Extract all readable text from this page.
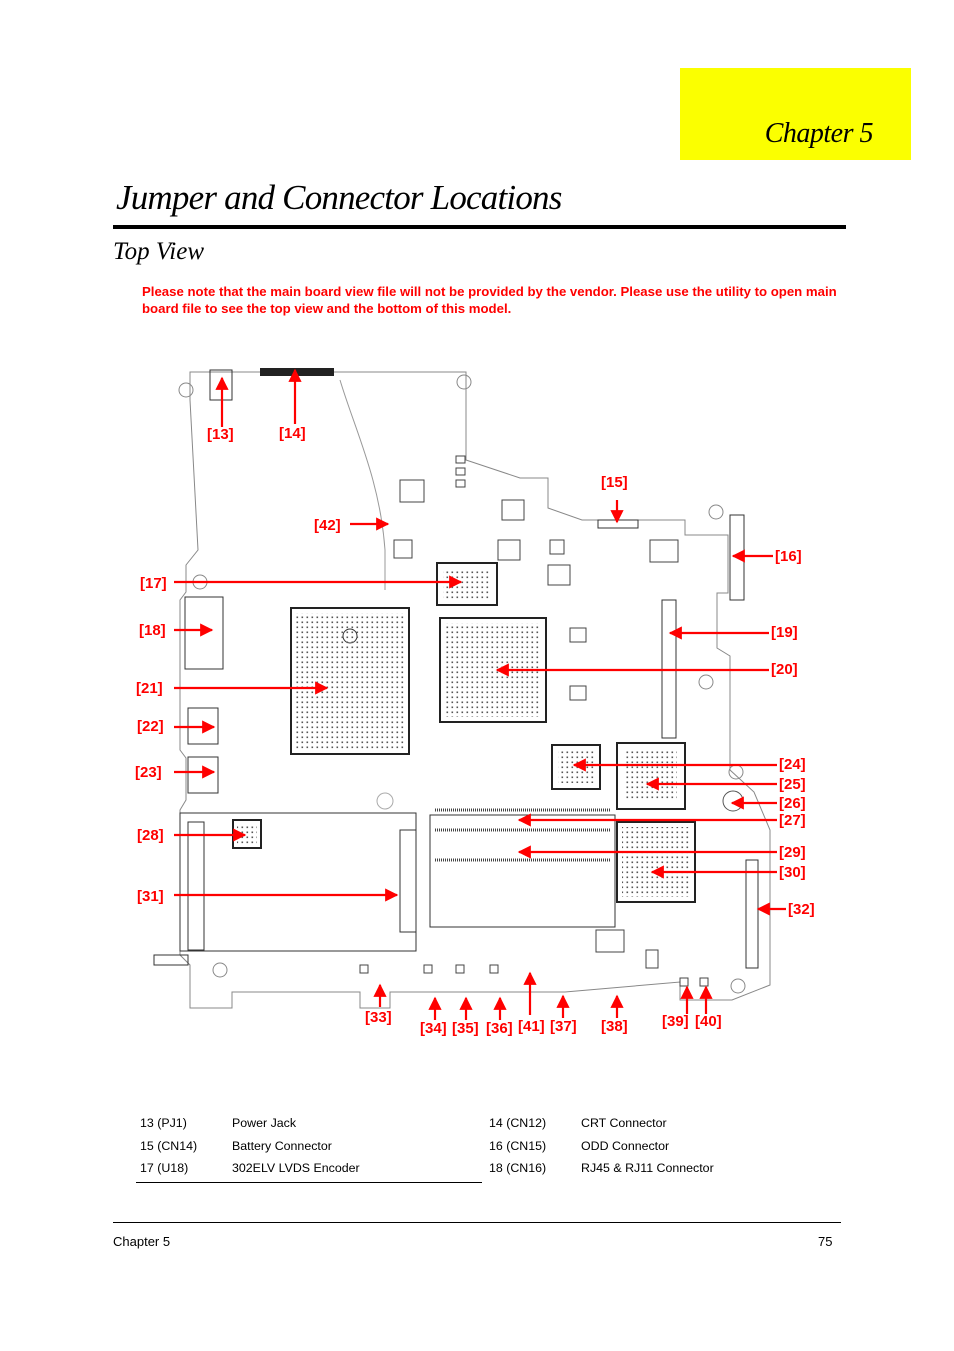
Chapter 5
Jumper and Connector Locations
Top View

Please note that the main board view file will not be provided by the vendor. Please use the utility to open main board file to see the top view and the bottom of this model.

[13]	[14]
[15]
[16]
[17]
[18]	[19]
[20]
[21]
[22]
[23]	[24]
[25]
[26]
[27]
[28]
[29]
[30]
[31]
[32]
[33]
[34] [35] [36] [41] [37] [38] [39] [40]
[42]
13 (PJ1)	Power Jack	14 (CN12)	CRT Connector
15 (CN14)	Battery Connector	16 (CN15)	ODD Connector
17 (U18)	302ELV LVDS Encoder	18 (CN16)	RJ45 & RJ11 Connector
Chapter 5	75
